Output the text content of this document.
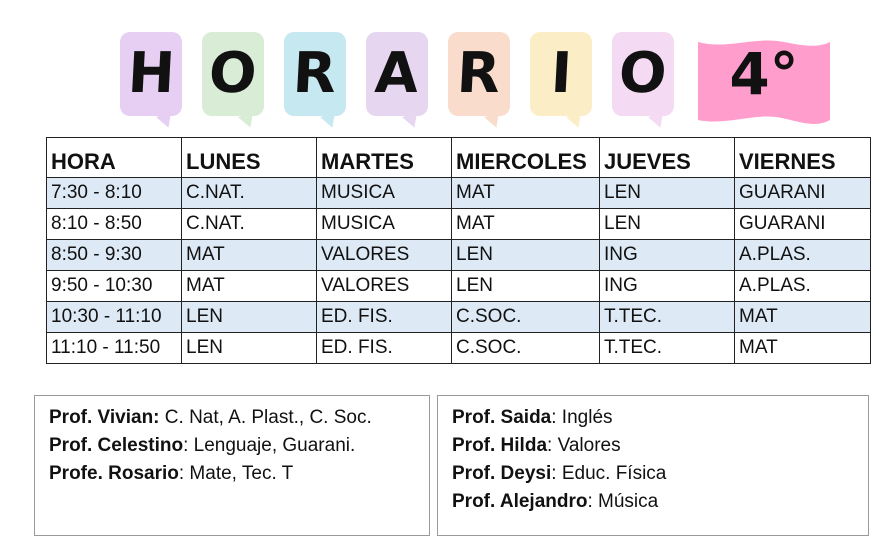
H O R A R I O	4°
HORA	LUNES	MARTES	MIERCOLES	JUEVES	VIERNES
7:30 - 8:10	C.NAT.	MUSICA	MAT	LEN	GUARANI
8:10 - 8:50	C.NAT.	MUSICA	MAT	LEN	GUARANI
8:50 - 9:30	MAT	VALORES	LEN	ING	A.PLAS.
9:50 - 10:30	MAT	VALORES	LEN	ING	A.PLAS.
10:30 - 11:10	LEN	ED. FIS.	C.SOC.	T.TEC.	MAT
11:10 - 11:50	LEN	ED. FIS.	C.SOC.	T.TEC.	MAT
Prof. Vivian: C. Nat, A. Plast., C. Soc.
Prof. Celestino: Lenguaje, Guarani.
Profe. Rosario: Mate, Tec. T
Prof. Saida: Inglés
Prof. Hilda: Valores
Prof. Deysi: Educ. Física
Prof. Alejandro: Música
